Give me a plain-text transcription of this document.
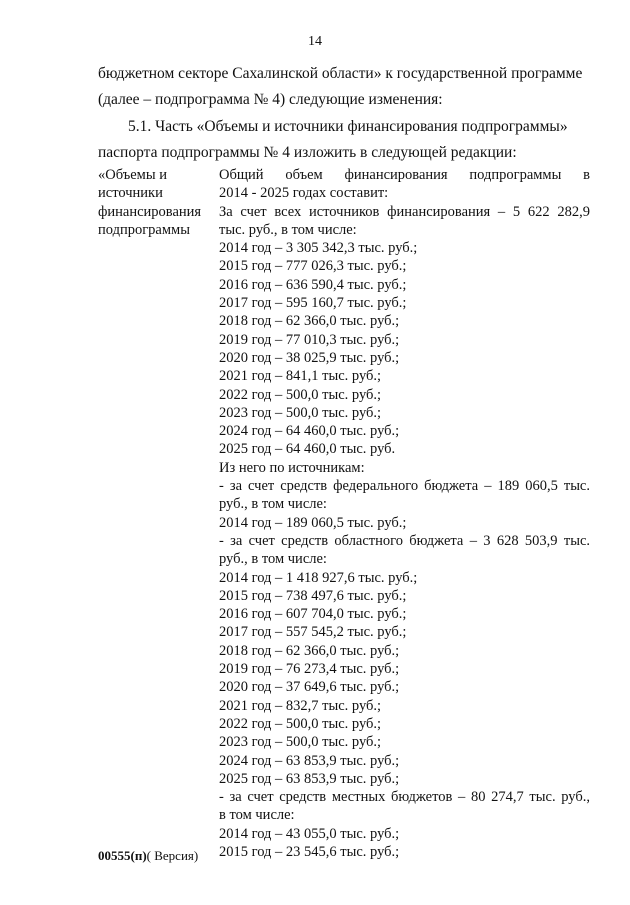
14
бюджетном секторе Сахалинской области» к государственной программе
(далее – подпрограмма № 4) следующие изменения:
5.1. Часть «Объемы и источники финансирования подпрограммы»
паспорта подпрограммы № 4 изложить в следующей редакции:
«Объемы и
источники
финансирования
подпрограммы
Общий объем финансирования подпрограммы в
2014 - 2025 годах составит:
За счет всех источников финансирования – 5 622 282,9
тыс. руб., в том числе:
2014 год – 3 305 342,3 тыс. руб.;
2015 год – 777 026,3 тыс. руб.;
2016 год – 636 590,4 тыс. руб.;
2017 год – 595 160,7 тыс. руб.;
2018 год – 62 366,0 тыс. руб.;
2019 год – 77 010,3 тыс. руб.;
2020 год – 38 025,9 тыс. руб.;
2021 год – 841,1 тыс. руб.;
2022 год – 500,0 тыс. руб.;
2023 год – 500,0 тыс. руб.;
2024 год – 64 460,0 тыс. руб.;
2025 год – 64 460,0 тыс. руб.
Из него по источникам:
- за счет средств федерального бюджета – 189 060,5 тыс.
руб., в том числе:
2014 год – 189 060,5 тыс. руб.;
- за счет средств областного бюджета – 3 628 503,9 тыс.
руб., в том числе:
2014 год – 1 418 927,6 тыс. руб.;
2015 год – 738 497,6 тыс. руб.;
2016 год – 607 704,0 тыс. руб.;
2017 год – 557 545,2 тыс. руб.;
2018 год – 62 366,0 тыс. руб.;
2019 год – 76 273,4 тыс. руб.;
2020 год – 37 649,6 тыс. руб.;
2021 год – 832,7 тыс. руб.;
2022 год – 500,0 тыс. руб.;
2023 год – 500,0 тыс. руб.;
2024 год – 63 853,9 тыс. руб.;
2025 год – 63 853,9 тыс. руб.;
- за счет средств местных бюджетов – 80 274,7 тыс. руб.,
в том числе:
2014 год – 43 055,0 тыс. руб.;
2015 год – 23 545,6 тыс. руб.;
00555(п)( Версия)
